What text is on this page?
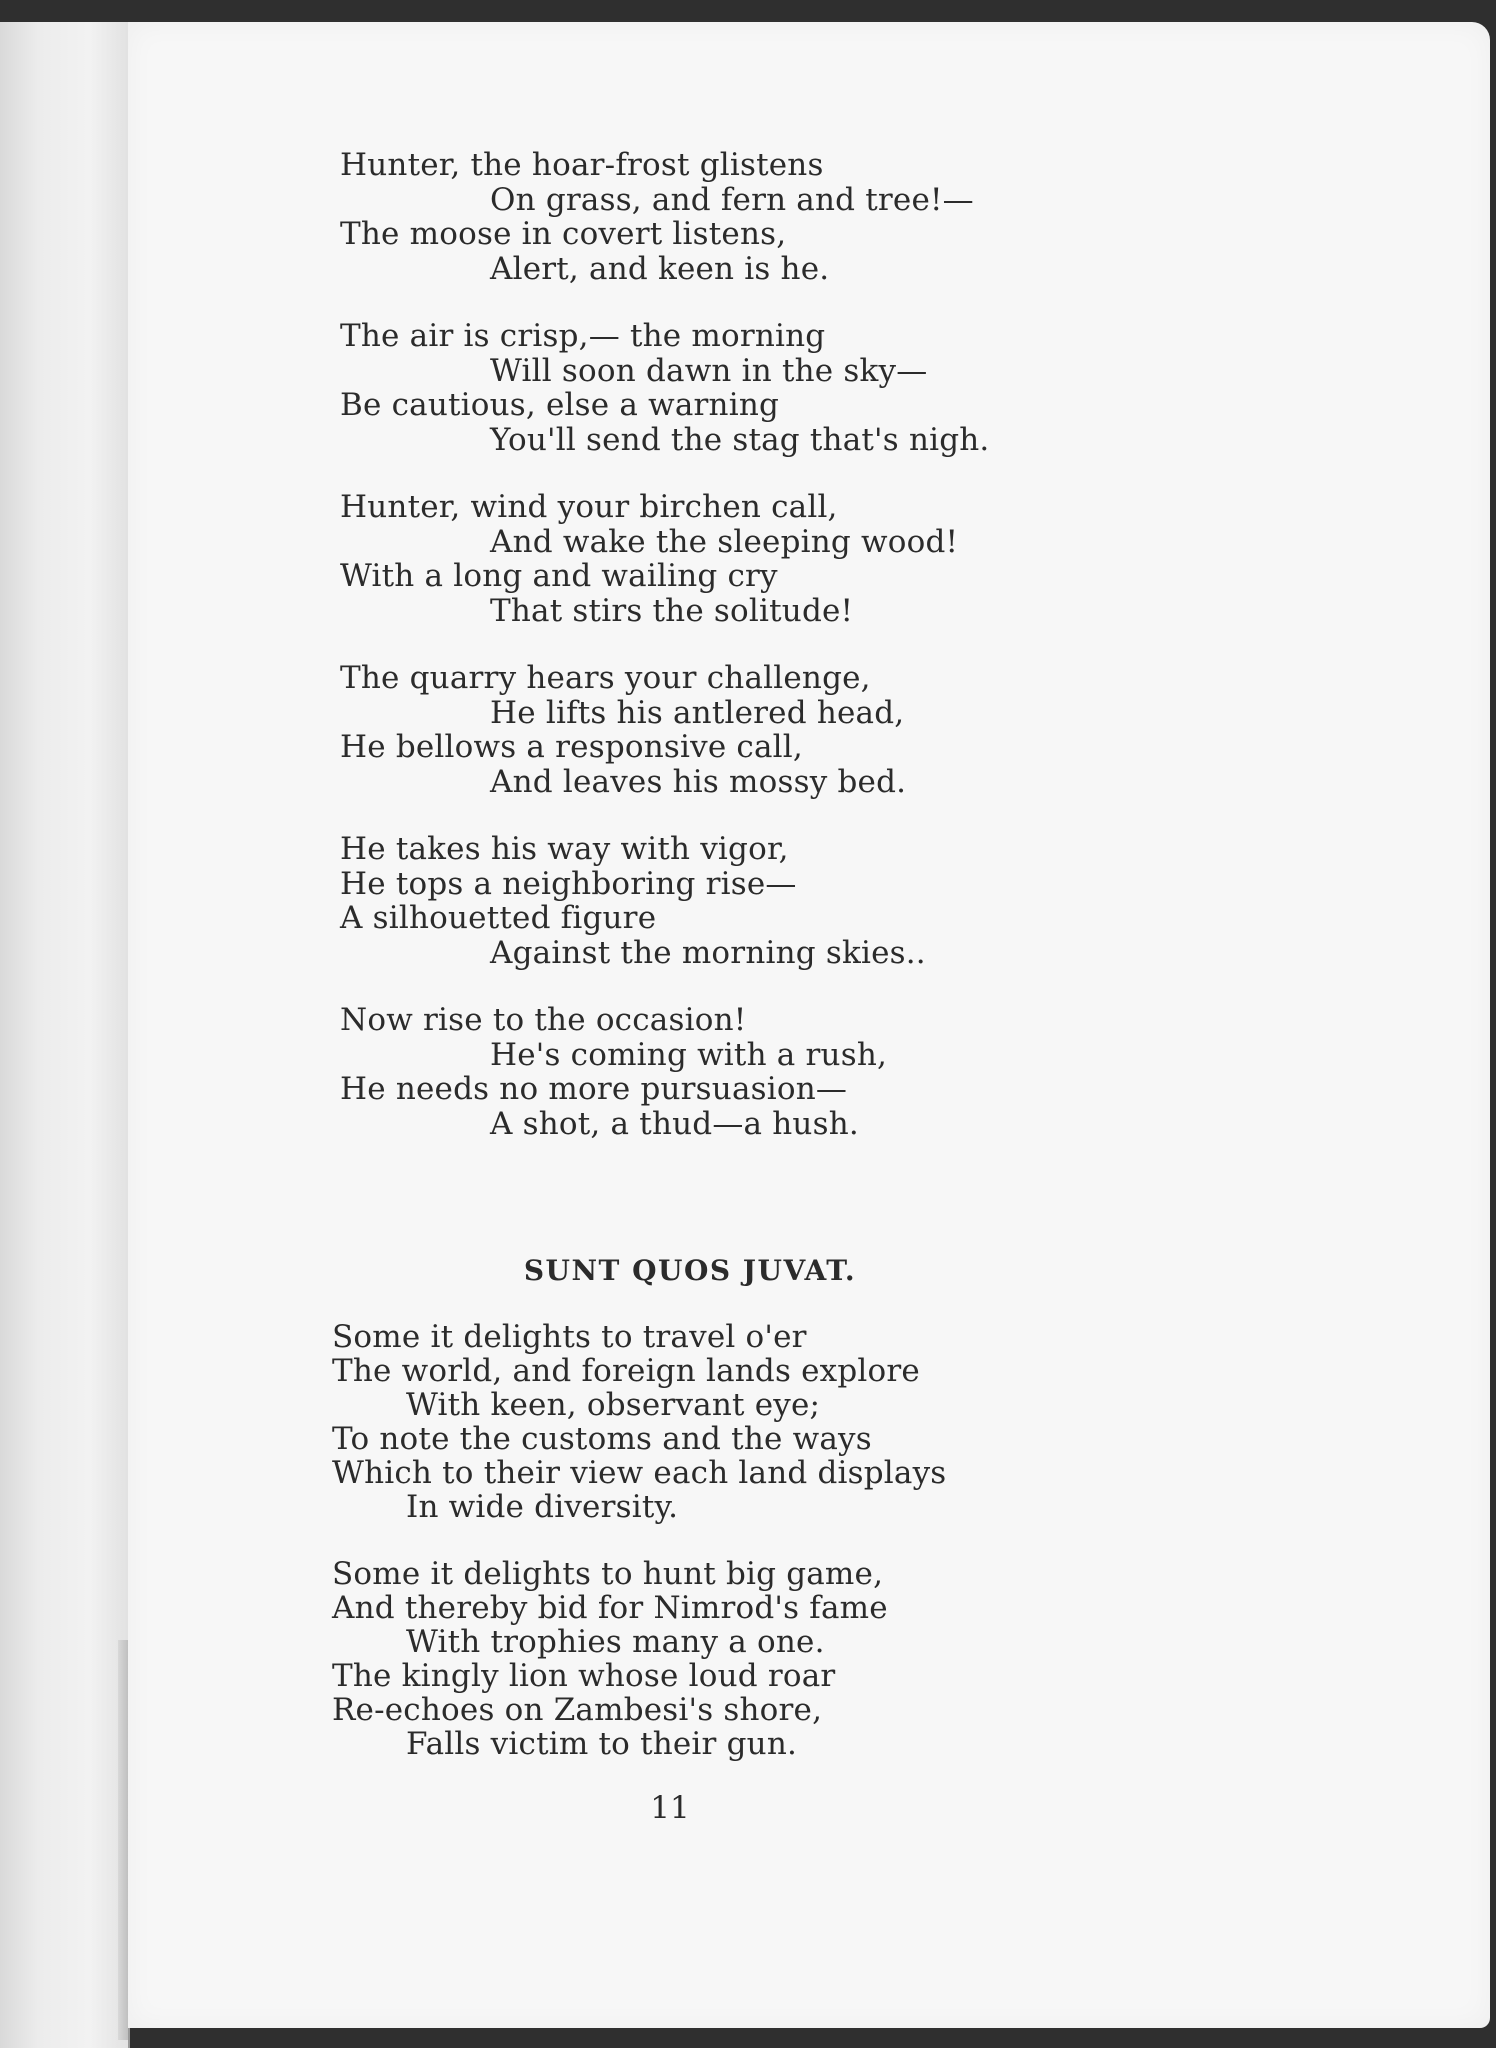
Hunter, the hoar-frost glistens
On grass, and fern and tree!—
The moose in covert listens,
Alert, and keen is he.
The air is crisp,— the morning
Will soon dawn in the sky—
Be cautious, else a warning
You'll send the stag that's nigh.
Hunter, wind your birchen call,
And wake the sleeping wood!
With a long and wailing cry
That stirs the solitude!
The quarry hears your challenge,
He lifts his antlered head,
He bellows a responsive call,
And leaves his mossy bed.
He takes his way with vigor,
He tops a neighboring rise—
A silhouetted figure
Against the morning skies..
Now rise to the occasion!
He's coming with a rush,
He needs no more pursuasion—
A shot, a thud—a hush.
SUNT QUOS JUVAT.
Some it delights to travel o'er
The world, and foreign lands explore
With keen, observant eye;
To note the customs and the ways
Which to their view each land displays
In wide diversity.
Some it delights to hunt big game,
And thereby bid for Nimrod's fame
With trophies many a one.
The kingly lion whose loud roar
Re-echoes on Zambesi's shore,
Falls victim to their gun.
11
